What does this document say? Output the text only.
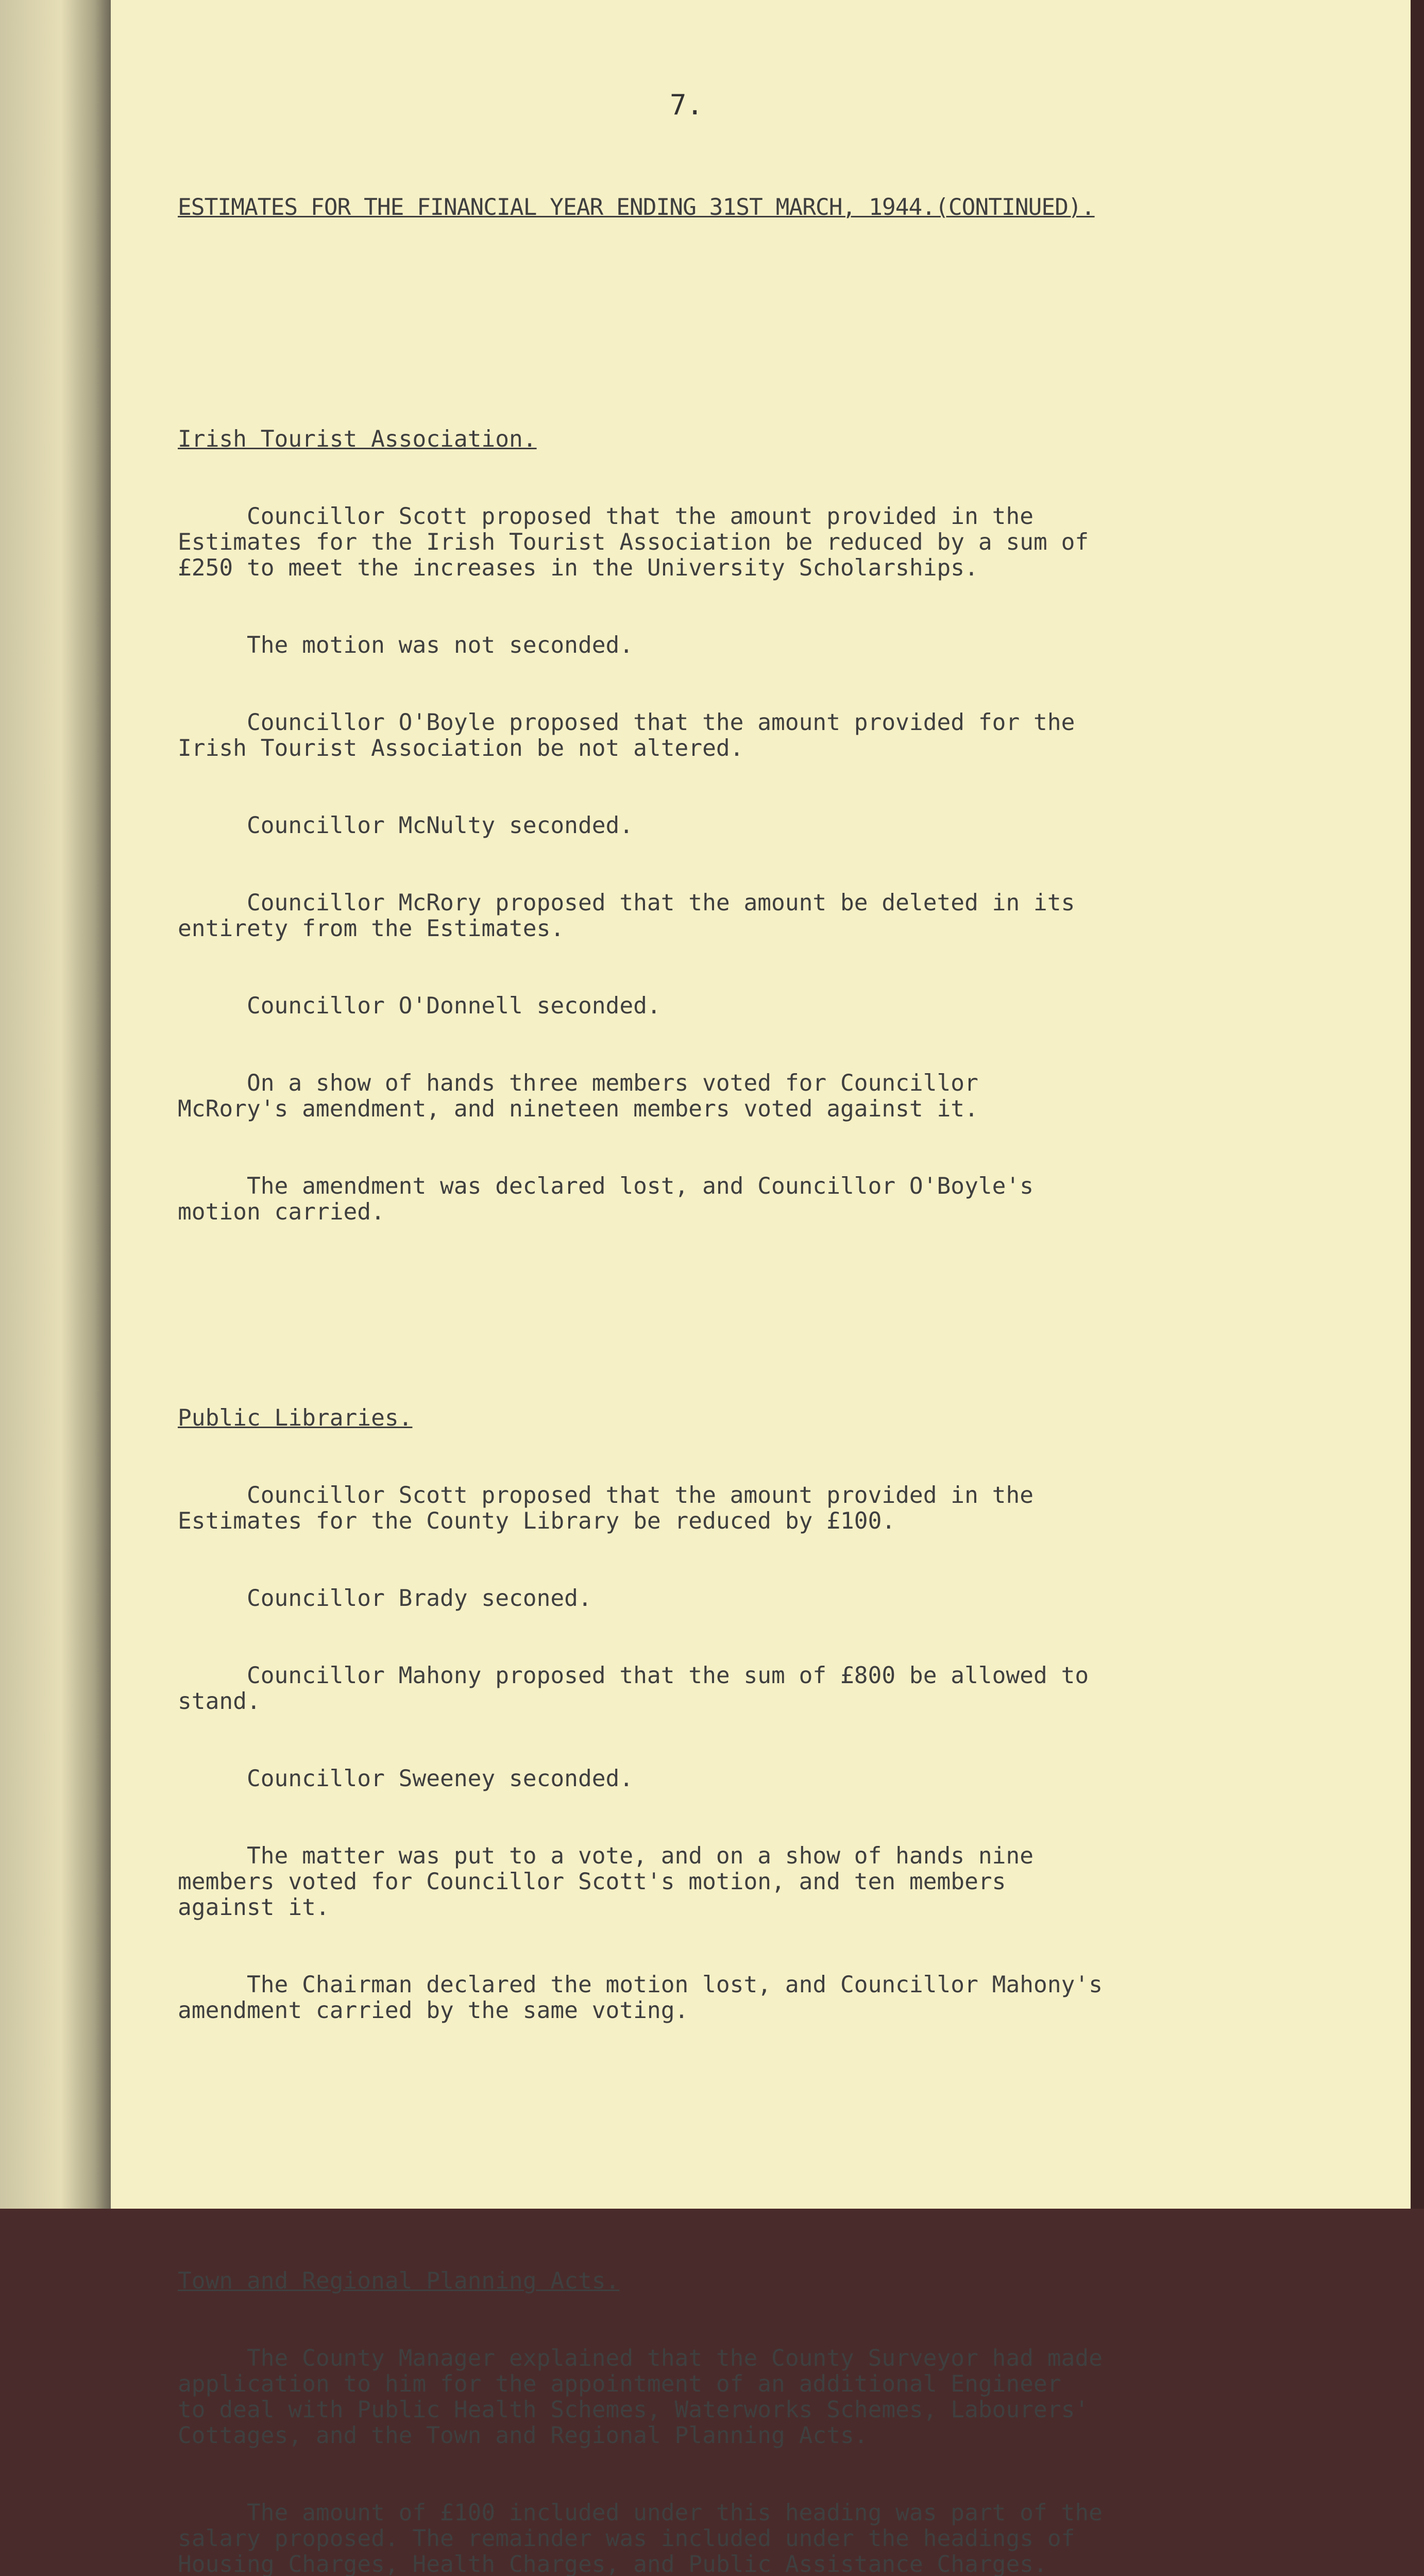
7.

ESTIMATES FOR THE FINANCIAL YEAR ENDING 31ST MARCH, 1944.(CONTINUED).

Irish Tourist Association.

Councillor Scott proposed that the amount provided in the
Estimates for the Irish Tourist Association be reduced by a sum of
£250 to meet the increases in the University Scholarships.

The motion was not seconded.

Councillor O'Boyle proposed that the amount provided for the
Irish Tourist Association be not altered.

Councillor McNulty seconded.

Councillor McRory proposed that the amount be deleted in its
entirety from the Estimates.

Councillor O'Donnell seconded.

On a show of hands three members voted for Councillor
McRory's amendment, and nineteen members voted against it.

The amendment was declared lost, and Councillor O'Boyle's
motion carried.

Public Libraries.

Councillor Scott proposed that the amount provided in the
Estimates for the County Library be reduced by £100.

Councillor Brady seconed.

Councillor Mahony proposed that the sum of £800 be allowed to
stand.

Councillor Sweeney seconded.

The matter was put to a vote, and on a show of hands nine
members voted for Councillor Scott's motion, and ten members
against it.

The Chairman declared the motion lost, and Councillor Mahony's
amendment carried by the same voting.

Town and Regional Planning Acts.

The County Manager explained that the County Surveyor had made
application to him for the appointment of an additional Engineer
to deal with Public Health Schemes, Waterworks Schemes, Labourers'
Cottages, and the Town and Regional Planning Acts.

The amount of £100 included under this heading was part of the
salary proposed. The remainder was included under the headings of
Housing Charges, Health Charges, and Public Assistance Charges.
